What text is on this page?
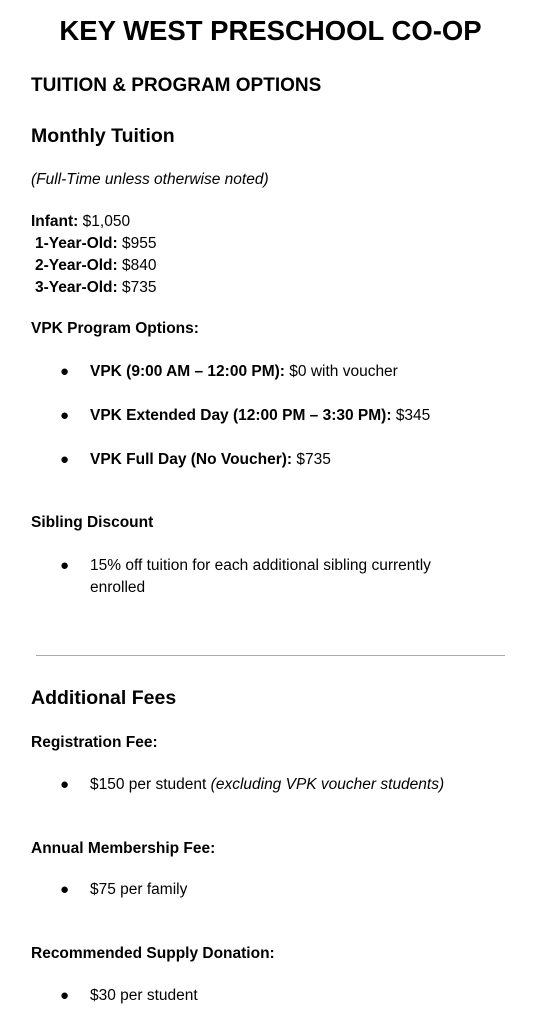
KEY WEST PRESCHOOL CO-OP
TUITION & PROGRAM OPTIONS
Monthly Tuition
(Full-Time unless otherwise noted)
Infant: $1,050
1-Year-Old: $955
2-Year-Old: $840
3-Year-Old: $735
VPK Program Options:
● VPK (9:00 AM – 12:00 PM): $0 with voucher
● VPK Extended Day (12:00 PM – 3:30 PM): $345
● VPK Full Day (No Voucher): $735
Sibling Discount
● 15% off tuition for each additional sibling currently
enrolled
Additional Fees
Registration Fee:
● $150 per student (excluding VPK voucher students)
Annual Membership Fee:
● $75 per family
Recommended Supply Donation:
● $30 per student
